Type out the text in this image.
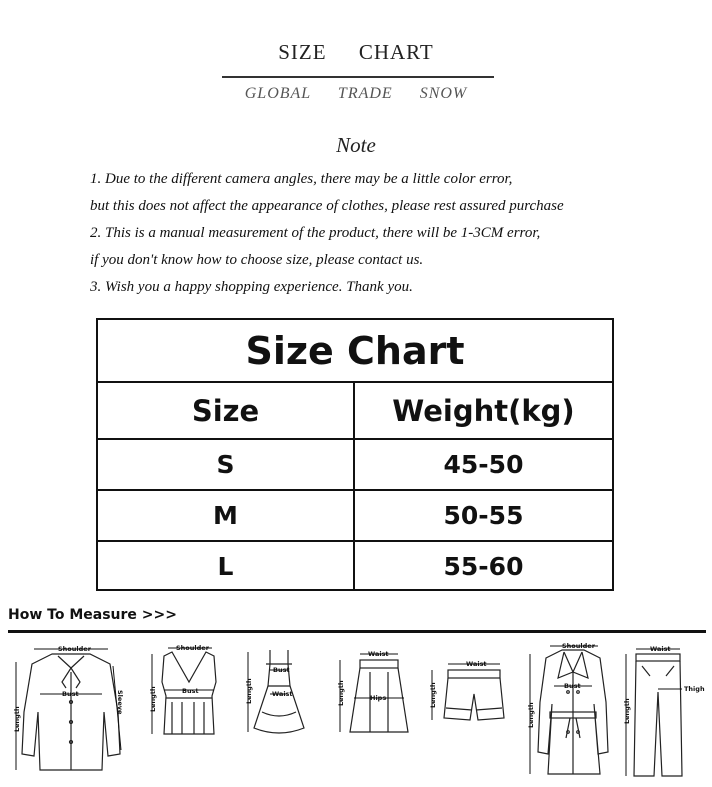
SIZE CHART
GLOBAL TRADE SNOW
Note
1. Due to the different camera angles, there may be a little color error,
but this does not affect the appearance of clothes, please rest assured purchase
2. This is a manual measurement of the product, there will be 1-3CM error,
if you don't know how to choose size, please contact us.
3. Wish you a happy shopping experience. Thank you.
Size Chart
Size	Weight(kg)
S	45-50
M	50-55
L	55-60
How To Measure >>>
Shoulder
Bust
Length
Sleeve
Shoulder
Bust
Length
Bust
Waist
Length
Waist
Hips
Length
Waist
Length
Shoulder
Bust
Length
Waist
Thigh
Length
